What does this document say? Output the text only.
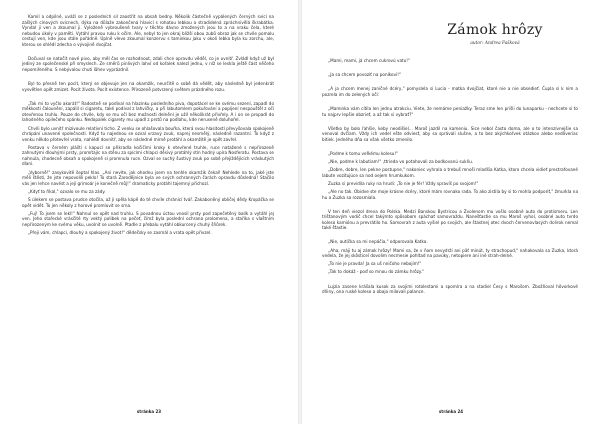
Kamil a odpilné, uváží se z posledních sil zaostřit na obsah bedny. Několik částečně vypálených černých svící na zašlých cínových svícnech, dýka na důlaže zakončená hlavicí s rohatou lebkou a stradidelná zpráchnivělá škrabátka. Vyndal ji ven a zkoumal ji. Vyloženě vybroušené tvary v těchto dávno zmožených jsou to a na vraku čela, které nebudou úkoly v paměti. Vytáhl pravou ruku k očím. Ale, nebyl to jen okraj bližší obou zubů obraz jak se chvíle pomalu cestují ven, kde jsou stále pořádně. Úplně vlevo zkoumal konzervu s taminkou jaku v okoli lebka byla ku zorchu, ale, kterou se ohlédl zdecha o vývojině dvojčat.

Dočuval se natočit nové pivo, aby měl čas se rozhodnout, zdali chce opravdu věděl, co je uvnitř. Zvládl když už byl jediný ze společenské při smyslech. Ze směrů pinlivých lahví od kořalek nalezl jednu, v níž se leskla ještě část něčeho nepomiřeného. S nebývalou chuti lähev vyprázdnil.

Byl to přesně ten pocit, který se objevuje jen na okamžik, neurčitě o sobě dá vědět, aby následně byl jedenkrát vysvětlen opět zmizet. Pocit života. Pocit existence. Přirozeně potvrzený světem prázdného rozu.

„Tak mi to vyčlo akorát!" Radostně se podíval na hlazinku posledního piva, dopotácel se ke svému sezení, zapadl do měkkosti čalounění, zapálil si cigaretu, také podíval z lahvičky, a při labutomlem pokuřování a popíjení nespouštěl z očí otevřenou truhlu. Pouze do chvíle, kdy se mu oči bez možnosti delnění je užil několikrát přivřely. A i on se propadl do lahodného opilečeho spánku. Nedopalek cigarety mu upadl z prstů na podlahu, kde neruseně doluhořel.

Chvíli bylo uvnitř mizivoule relativní ticho. Z venku se ohlašovala bouřka, která svou hlasitostí převyšovala spokojeně chrápání unavené společnosti. Když tu najednou se ozval vrzavý zvuk, naprej nesmělý, následně razantní. To když z venku někdo přotevřel vrata, nahlédl dovnitř, aby se následné mírně protáhl a okamžitě je opět zavřel.

Postava v černém plášti s kapucí se přikradla kočičími kroky k otevřené truhle, ruce natažené s nepřirozeně zahnutými dlouhými prsty, promítajíc na stěnu za spícími chlapci děsivý protáhlý stín hodný upíra Nosferatu. Postava se nahnula, chodecně obsah a spokojeně si promnula ruce. Ozval se suchý šustivý zvuk po sobě přejíždějících vráskutých dlani.

„Vyborně!" zasykovitě šeptal hlas. „Ani nevíte, jak ohodnu jsem na tenhle okamžik čekal! Nehlede na to, jaké jste měli štěstí, že jste nepovolili peklo! To stará Zarodějnice byla ve svých ochranných čarách opravdu důsledná! Stačilo vás jen lehce navést a její grimoár je konečně můj!" dramaticky protáhl tajemný přichozí.

„Kdyť to říkal," ozvalo se mu za zády.

S úlekem se postava prudce otočila, až jí spěla kápě do té chvíle chránící tvář. Zakaboněný obličej dědy Kropáčka se opět vidět. To jen několy z horové promluvit se srna.

„Fuj! To jsem se lekl!" Nahnul se opět nad truhlu. S povadnou úctou vnosil prsty pod zapečetěný balík a vytáhl jej ven. Jeho stařecké vrásčité rty vektý polibek na pečeť, čímž byla poslední ochrana prolomena, a staříka s vlaštním nepřirozeným ke svému věku, uvolnit se uvolně. Ptadle z přebalu vytáhl obkurcený chuhý šňůrek.

„Přeji vám, chlapci, dlouhý a spokojený život!" dědečsky se zasmál a vrata opět přivzel.

stránka 23
Zámok hrôzy
autor: Andrea Fašková

„Mami, mami, já chcem cukrovú vatu!"

„Ja sa chcem povoziť na poníkovi!"

„A ja chcem menej zaničné dcéry," pomyslela si Lucia - matka dvojčiat, ktoré nie a nie obsedieť. Čupla si k nim a pozrela im do zelených očí:

„Maminka vám cítila len jednu atrakciu. Viete, že nemáme peniažky. Teraz sme len prišli do lunaparku - nechcete si to tu najprv lepšie obzrieť, a až tak si vybrať?"

Všetko by bolo ľahšie, keby neodišiel... Maroš jazdil na kameniu. Sice nebol často doma, ale o to intenzívnejšie sa venoval dvčíam. Vždy ich vedel ešte odviesť, aby sa správali slušne, a to bez akýchkoľvek otázkov alebo nedôveriac bitiek. Jedného dňa sa však všetko zmenilo.

„Podme k tomu veľkému kolesu!"

„Nie, podme k labutiam!" ,ttrieda vo potahovali za bodkovanú sukňu.

„Dobre, dobre, len pekne postupne," nakoniec vyhrala o trebuš mnoší mladšia Katka, ktoro chcela vidieť prestrafované labute vozitujúce sa nod oejem hrumkukom.

Zuzka si previdila ruky na hrudi: „To nie je fér! Vždy spravíš po svojom!"

„Ale no tak. Obidve ste moje krásne dcéry, ktoré mám rovnako rada. To ako zistila by si to mohla podporiť," žmurkla na hu a Zuzka sa rozosmiala.

V ten deň viezol dreva do Polska. Medzi Banskou Bystricou a Zvolenom mu vošlo osobné auto do protismeru. Len trištanovým vodič chcel takýmto spôsobom spáchať samovraždu. Nanešťastie sa mu Maroš vyhol, osobné auto tvrdo koleso kamiónu a prevrátilo ho. Samovrah z auta vyšiel po svojich, ale štastnej otec dvoch červenovlasých dcérok nemal také šťastie.

„Nie, autíčka sa mi nepáčia," odporovala Katka.

„Aha, máji tu aj zámok hrôzy! Mami sa, že v ňom nevydrží ani päť minút, ty strachopud," nahakovala sa Zuzka, ktorá vedela, že jej skôsticel dovolim necmesie pohltad na pavúky, netopiere ani iné strah-delné.

„To nie je pravda! Ja sa uš nničoho nebojím!"

„Tak to dokáž - poď so mnou do zámku hrôzy."

Lujzia zasene krášala kusok za svojimi rotolestami a spomíra a na stadiel Česy s Marošom. Zbožňoval hôvorkové dňiny, ona ruské koleso a obaja milovali palance.

stránka 24
